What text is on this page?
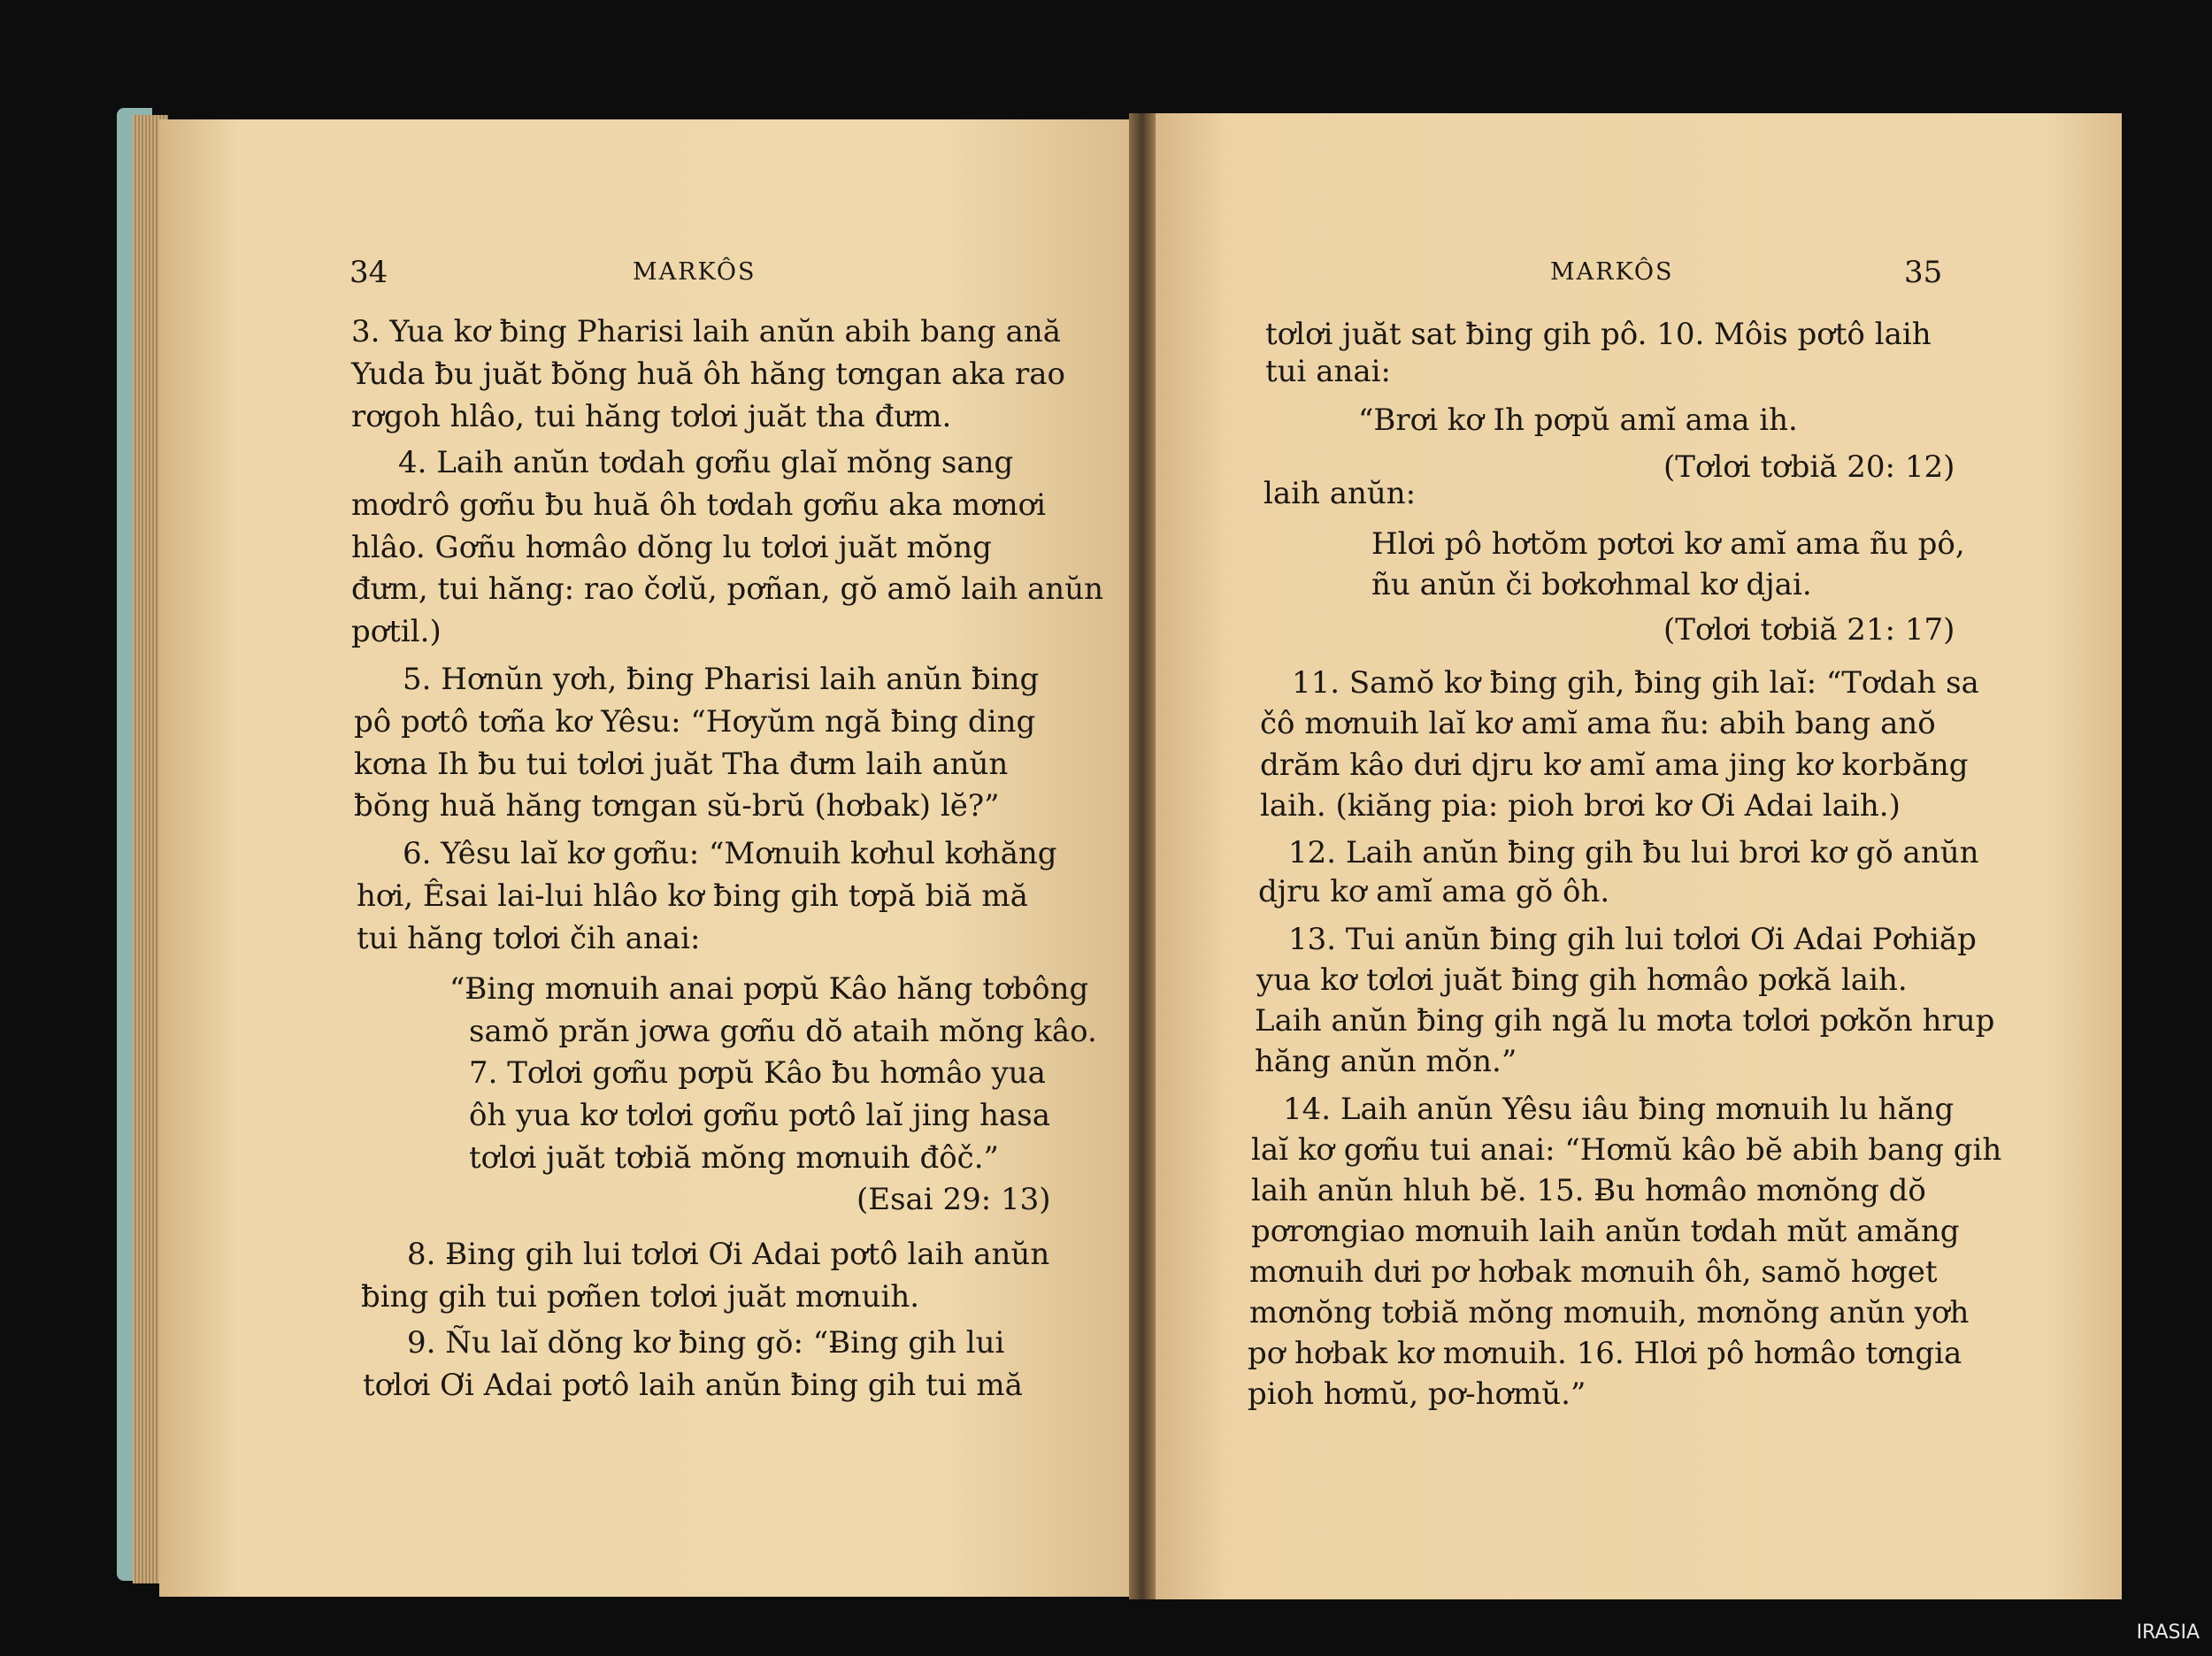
34	MARKÔS	MARKÔS	35
3. Yua kơ ƀing Pharisi laih anŭn abih bang ană
Yuda ƀu juăt ƀŏng huă ôh hăng tơngan aka rao
rơgoh hlâo, tui hăng tơlơi juăt tha đưm.
4. Laih anŭn tơdah gơñu glaĭ mŏng sang
mơdrô gơñu ƀu huă ôh tơdah gơñu aka mơnơi
hlâo. Gơñu hơmâo dŏng lu tơlơi juăt mŏng
đưm, tui hăng: rao čơlŭ, pơñan, gŏ amŏ laih anŭn
pơtil.)
5. Hơnŭn yơh, ƀing Pharisi laih anŭn ƀing
pô pơtô tơña kơ Yêsu: “Hơyŭm ngă ƀing ding
kơna Ih ƀu tui tơlơi juăt Tha đưm laih anŭn
ƀŏng huă hăng tơngan sŭ-brŭ (hơbak) lĕ?”
6. Yêsu laĭ kơ gơñu: “Mơnuih kơhul kơhăng
hơi, Êsai lai-lui hlâo kơ ƀing gih tơpă biă mă
tui hăng tơlơi čih anai:
“Ƀing mơnuih anai pơpŭ Kâo hăng tơbông
samŏ prăn jơwa gơñu dŏ ataih mŏng kâo.
7. Tơlơi gơñu pơpŭ Kâo ƀu hơmâo yua
ôh yua kơ tơlơi gơñu pơtô laĭ jing hasa
tơlơi juăt tơbiă mŏng mơnuih đôč.”
(Esai 29: 13)
8. Ƀing gih lui tơlơi Ơi Adai pơtô laih anŭn
ƀing gih tui pơñen tơlơi juăt mơnuih.
9. Ñu laĭ dŏng kơ ƀing gŏ: “Ƀing gih lui
tơlơi Ơi Adai pơtô laih anŭn ƀing gih tui mă
tơlơi juăt sat ƀing gih pô. 10. Môis pơtô laih
tui anai:
“Brơi kơ Ih pơpŭ amĭ ama ih.
(Tơlơi tơbiă 20: 12)
laih anŭn:
Hlơi pô hơtŏm pơtơi kơ amĭ ama ñu pô,
ñu anŭn či bơkơhmal kơ djai.
(Tơlơi tơbiă 21: 17)
11. Samŏ kơ ƀing gih, ƀing gih laĭ: “Tơdah sa
čô mơnuih laĭ kơ amĭ ama ñu: abih bang anŏ
drăm kâo dưi djru kơ amĭ ama jing kơ korbăng
laih. (kiăng pia: pioh brơi kơ Ơi Adai laih.)
12. Laih anŭn ƀing gih ƀu lui brơi kơ gŏ anŭn
djru kơ amĭ ama gŏ ôh.
13. Tui anŭn ƀing gih lui tơlơi Ơi Adai Pơhiăp
yua kơ tơlơi juăt ƀing gih hơmâo pơkă laih.
Laih anŭn ƀing gih ngă lu mơta tơlơi pơkŏn hrup
hăng anŭn mŏn.”
14. Laih anŭn Yêsu iâu ƀing mơnuih lu hăng
laĭ kơ gơñu tui anai: “Hơmŭ kâo bĕ abih bang gih
laih anŭn hluh bĕ. 15. Ƀu hơmâo mơnŏng dŏ
pơrơngiao mơnuih laih anŭn tơdah mŭt amăng
mơnuih dưi pơ hơbak mơnuih ôh, samŏ hơget
mơnŏng tơbiă mŏng mơnuih, mơnŏng anŭn yơh
pơ hơbak kơ mơnuih. 16. Hlơi pô hơmâo tơngia
pioh hơmŭ, pơ-hơmŭ.”
IRASIA
